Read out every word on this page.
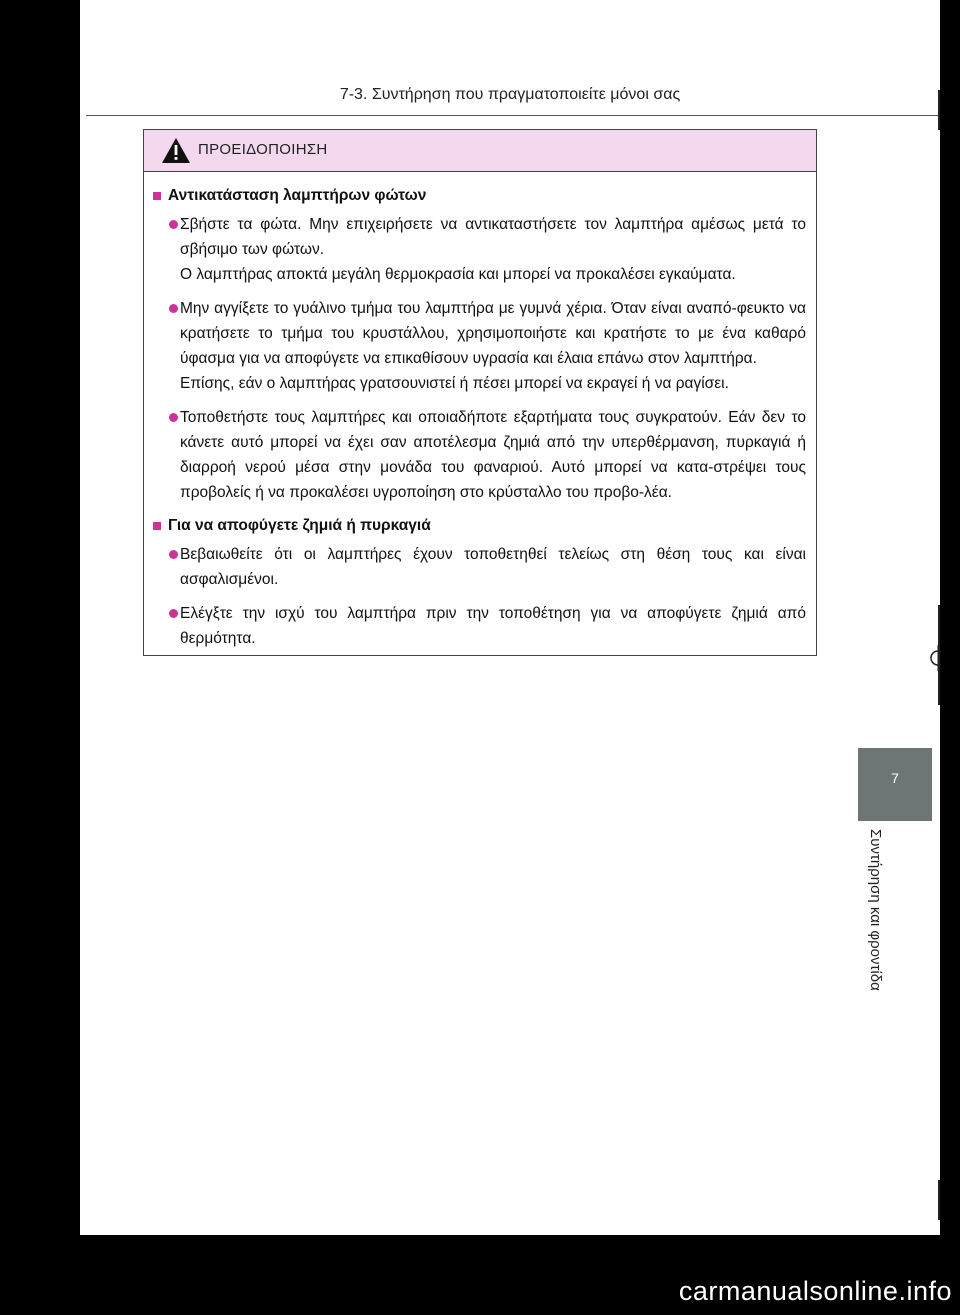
7-3. Συντήρηση που πραγματοποιείτε μόνοι σας
ΠΡΟΕΙΔΟΠΟΙΗΣΗ
Αντικατάσταση λαμπτήρων φώτων
Σβήστε τα φώτα. Μην επιχειρήσετε να αντικαταστήσετε τον λαμπτήρα αμέσως μετά το σβήσιμο των φώτων.
Ο λαμπτήρας αποκτά μεγάλη θερμοκρασία και μπορεί να προκαλέσει εγκαύματα.
Μην αγγίξετε το γυάλινο τμήμα του λαμπτήρα με γυμνά χέρια. Όταν είναι αναπό-φευκτο να κρατήσετε το τμήμα του κρυστάλλου, χρησιμοποιήστε και κρατήστε το με ένα καθαρό ύφασμα για να αποφύγετε να επικαθίσουν υγρασία και έλαια επάνω στον λαμπτήρα.
Επίσης, εάν ο λαμπτήρας γρατσουνιστεί ή πέσει μπορεί να εκραγεί ή να ραγίσει.
Τοποθετήστε τους λαμπτήρες και οποιαδήποτε εξαρτήματα τους συγκρατούν. Εάν δεν το κάνετε αυτό μπορεί να έχει σαν αποτέλεσμα ζημιά από την υπερθέρμανση, πυρκαγιά ή διαρροή νερού μέσα στην μονάδα του φαναριού. Αυτό μπορεί να κατα-στρέψει τους προβολείς ή να προκαλέσει υγροποίηση στο κρύσταλλο του προβο-λέα.
Για να αποφύγετε ζημιά ή πυρκαγιά
Βεβαιωθείτε ότι οι λαμπτήρες έχουν τοποθετηθεί τελείως στη θέση τους και είναι ασφαλισμένοι.
Ελέγξτε την ισχύ του λαμπτήρα πριν την τοποθέτηση για να αποφύγετε ζημιά από θερμότητα.
7
Συντήρηση και φροντίδα
carmanualsonline.info
